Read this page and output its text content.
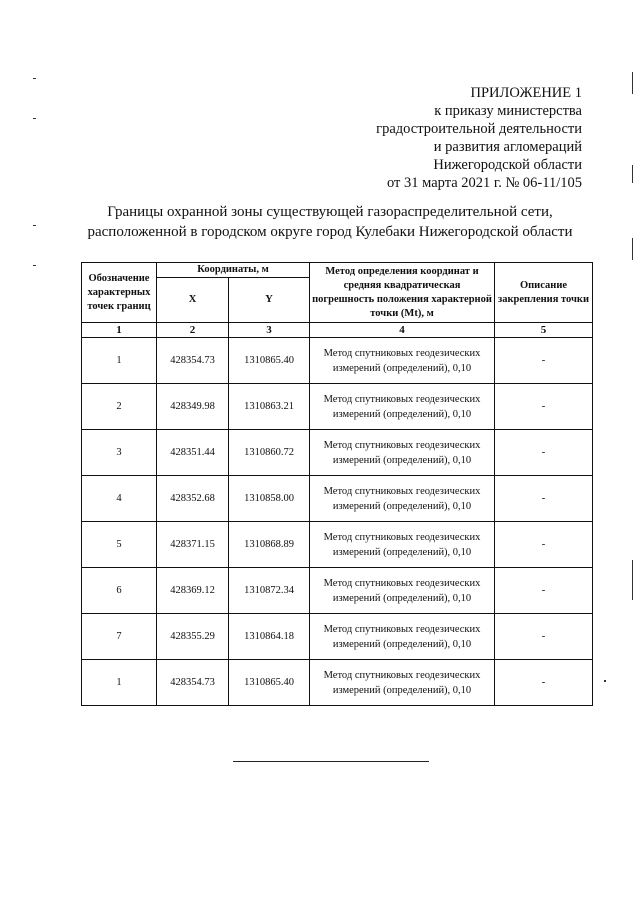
ПРИЛОЖЕНИЕ 1
к приказу министерства
градостроительной деятельности
и развития агломераций
Нижегородской области
от 31 марта 2021 г. № 06-11/105
Границы охранной зоны существующей газораспределительной сети,
расположенной в городском округе город Кулебаки Нижегородской области
Обозначение характерных точек границ	Координаты, м		Метод определения координат и средняя квадратическая погрешность положения характерной точки (Mt), м	Описание закрепления точки
	X	Y		
1	2	3	4	5
1	428354.73	1310865.40	Метод спутниковых геодезических измерений (определений), 0,10	-
2	428349.98	1310863.21	Метод спутниковых геодезических измерений (определений), 0,10	-
3	428351.44	1310860.72	Метод спутниковых геодезических измерений (определений), 0,10	-
4	428352.68	1310858.00	Метод спутниковых геодезических измерений (определений), 0,10	-
5	428371.15	1310868.89	Метод спутниковых геодезических измерений (определений), 0,10	-
6	428369.12	1310872.34	Метод спутниковых геодезических измерений (определений), 0,10	-
7	428355.29	1310864.18	Метод спутниковых геодезических измерений (определений), 0,10	-
1	428354.73	1310865.40	Метод спутниковых геодезических измерений (определений), 0,10	-
